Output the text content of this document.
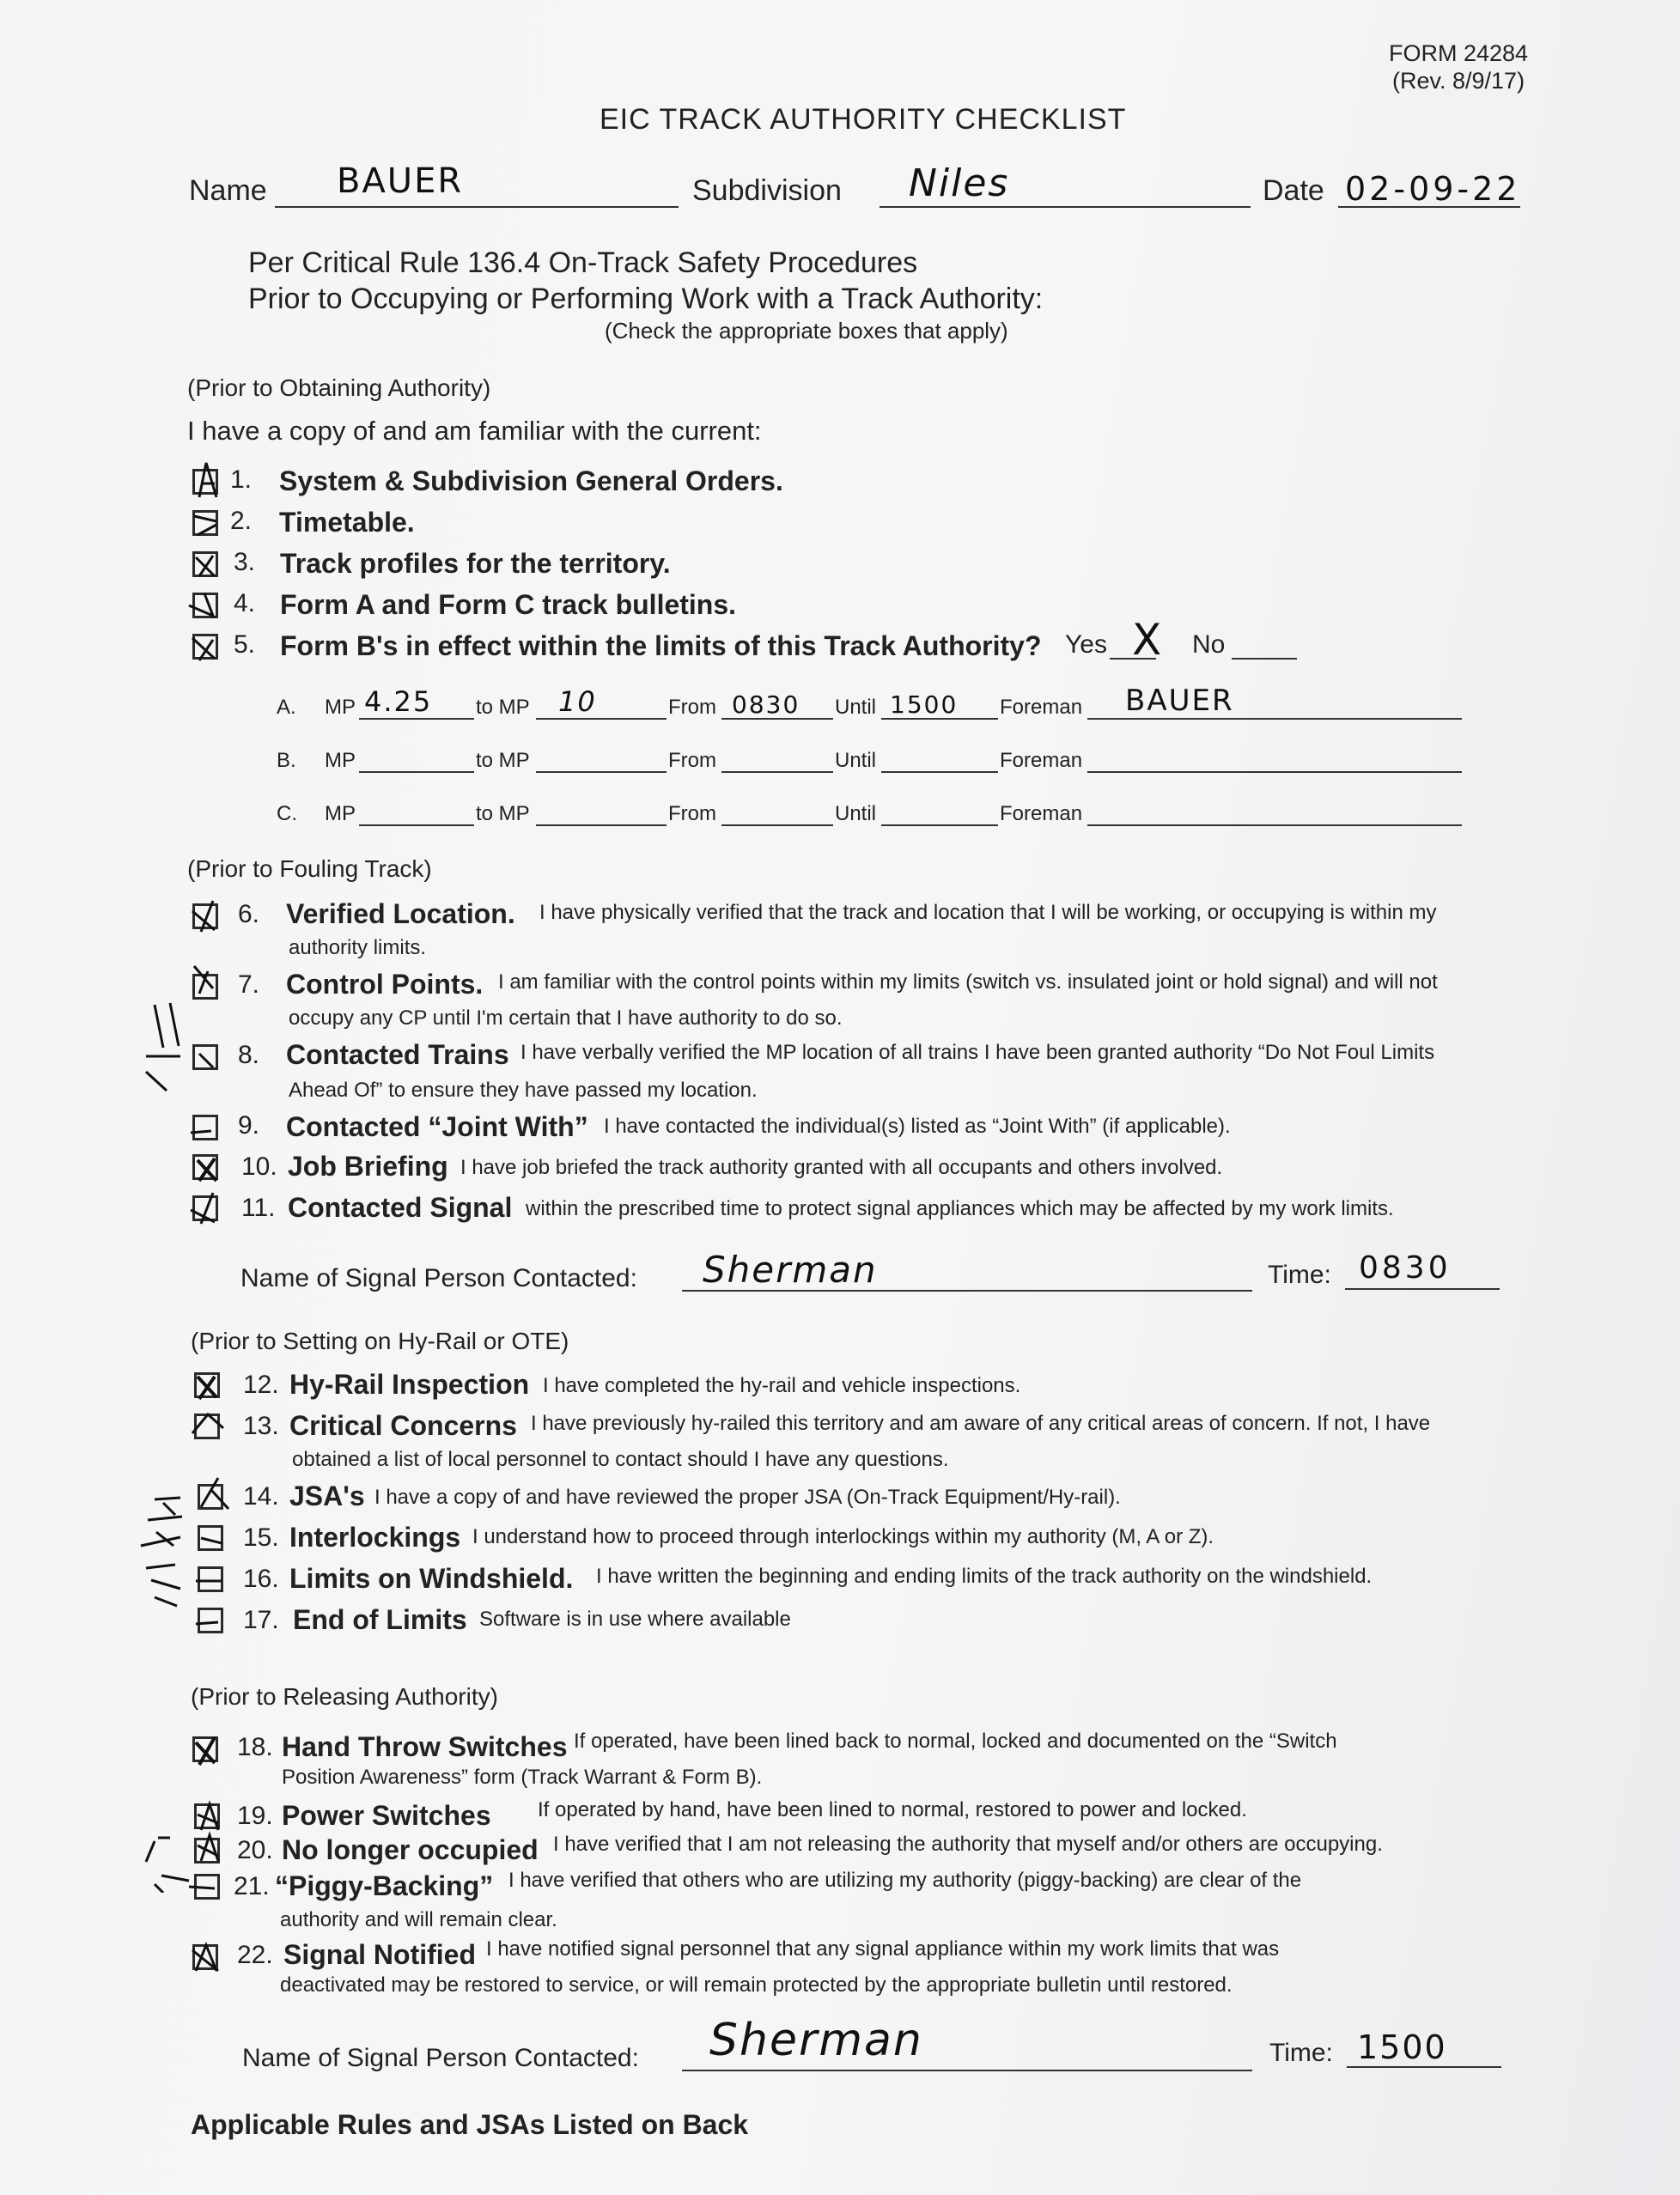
FORM 24284
(Rev. 8/9/17)
EIC TRACK AUTHORITY CHECKLIST
Name BAUER	Subdivision Niles	Date 02-09-22
Per Critical Rule 136.4 On-Track Safety Procedures
Prior to Occupying or Performing Work with a Track Authority:
(Check the appropriate boxes that apply)
(Prior to Obtaining Authority)
I have a copy of and am familiar with the current:
1. System & Subdivision General Orders.
2. Timetable.
3. Track profiles for the territory.
4. Form A and Form C track bulletins.
5. Form B's in effect within the limits of this Track Authority? Yes X No
A. MP 4.25 to MP 10	From 0830 Until 1500 Foreman BAUER
B. MP	to MP	From	Until	Foreman
C. MP	to MP	From	Until	Foreman
(Prior to Fouling Track)
6. Verified Location. I have physically verified that the track and location that I will be working, or occupying is within my
authority limits.
7. Control Points. I am familiar with the control points within my limits (switch vs. insulated joint or hold signal) and will not
occupy any CP until I'm certain that I have authority to do so.
8. Contacted Trains I have verbally verified the MP location of all trains I have been granted authority “Do Not Foul Limits
Ahead Of” to ensure they have passed my location.
9. Contacted “Joint With” I have contacted the individual(s) listed as “Joint With” (if applicable).
10. Job Briefing I have job briefed the track authority granted with all occupants and others involved.
11. Contacted Signal within the prescribed time to protect signal appliances which may be affected by my work limits.
Name of Signal Person Contacted: Sherman	Time: 0830
(Prior to Setting on Hy-Rail or OTE)
12. Hy-Rail Inspection I have completed the hy-rail and vehicle inspections.
13. Critical Concerns I have previously hy-railed this territory and am aware of any critical areas of concern. If not, I have
obtained a list of local personnel to contact should I have any questions.
14. JSA's I have a copy of and have reviewed the proper JSA (On-Track Equipment/Hy-rail).
15. Interlockings I understand how to proceed through interlockings within my authority (M, A or Z).
16. Limits on Windshield. I have written the beginning and ending limits of the track authority on the windshield.
17. End of Limits Software is in use where available
(Prior to Releasing Authority)
18. Hand Throw Switches If operated, have been lined back to normal, locked and documented on the “Switch
Position Awareness” form (Track Warrant & Form B).
19. Power Switches If operated by hand, have been lined to normal, restored to power and locked.
20. No longer occupied I have verified that I am not releasing the authority that myself and/or others are occupying.
21. “Piggy-Backing” I have verified that others who are utilizing my authority (piggy-backing) are clear of the
authority and will remain clear.
22. Signal Notified I have notified signal personnel that any signal appliance within my work limits that was
deactivated may be restored to service, or will remain protected by the appropriate bulletin until restored.
Name of Signal Person Contacted: Sherman	Time: 1500
Applicable Rules and JSAs Listed on Back
